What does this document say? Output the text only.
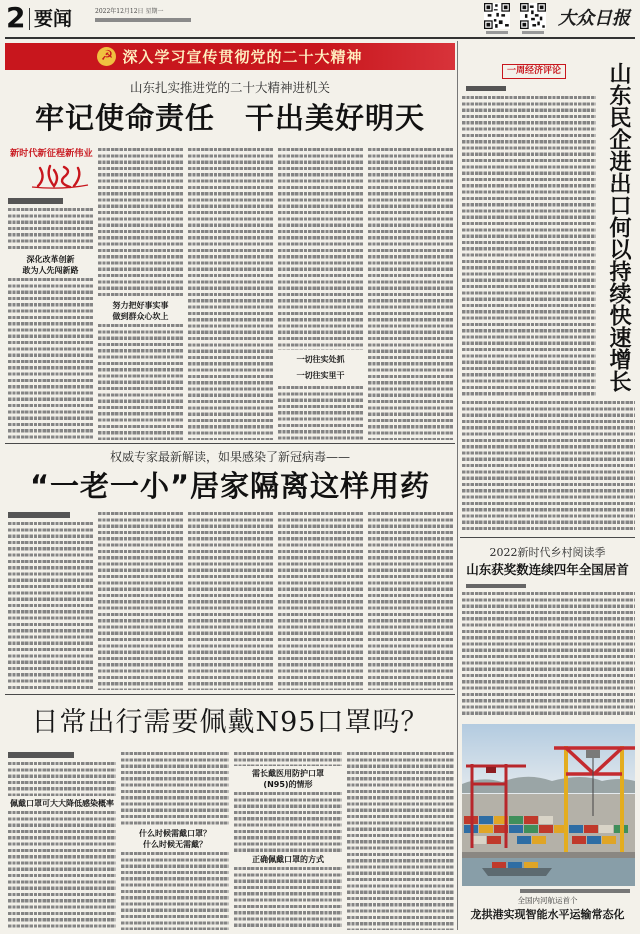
2 要闻	2022年12月12日 星期一	大众日报
☭ 深入学习宣传贯彻党的二十大精神
山东扎实推进党的二十大精神进机关
牢记使命责任　干出美好明天
新时代新征程新伟业
深化改革创新
敢为人先闯新路
努力把好事实事
做到群众心坎上
一切往实处抓
一切往实里干
权威专家最新解读，如果感染了新冠病毒——
“一老一小”居家隔离这样用药
日常出行需要佩戴N95口罩吗？
佩戴口罩可大大降低感染概率
什么时候需戴口罩？
什么时候无需戴？
需长戴医用防护口罩
(N95)的情形
正确佩戴口罩的方式
一周经济评论 山东民企进出口何以持续快速增长
2022新时代乡村阅读季
山东获奖数连续四年全国居首
全国内河航运首个
龙拱港实现智能水平运输常态化
